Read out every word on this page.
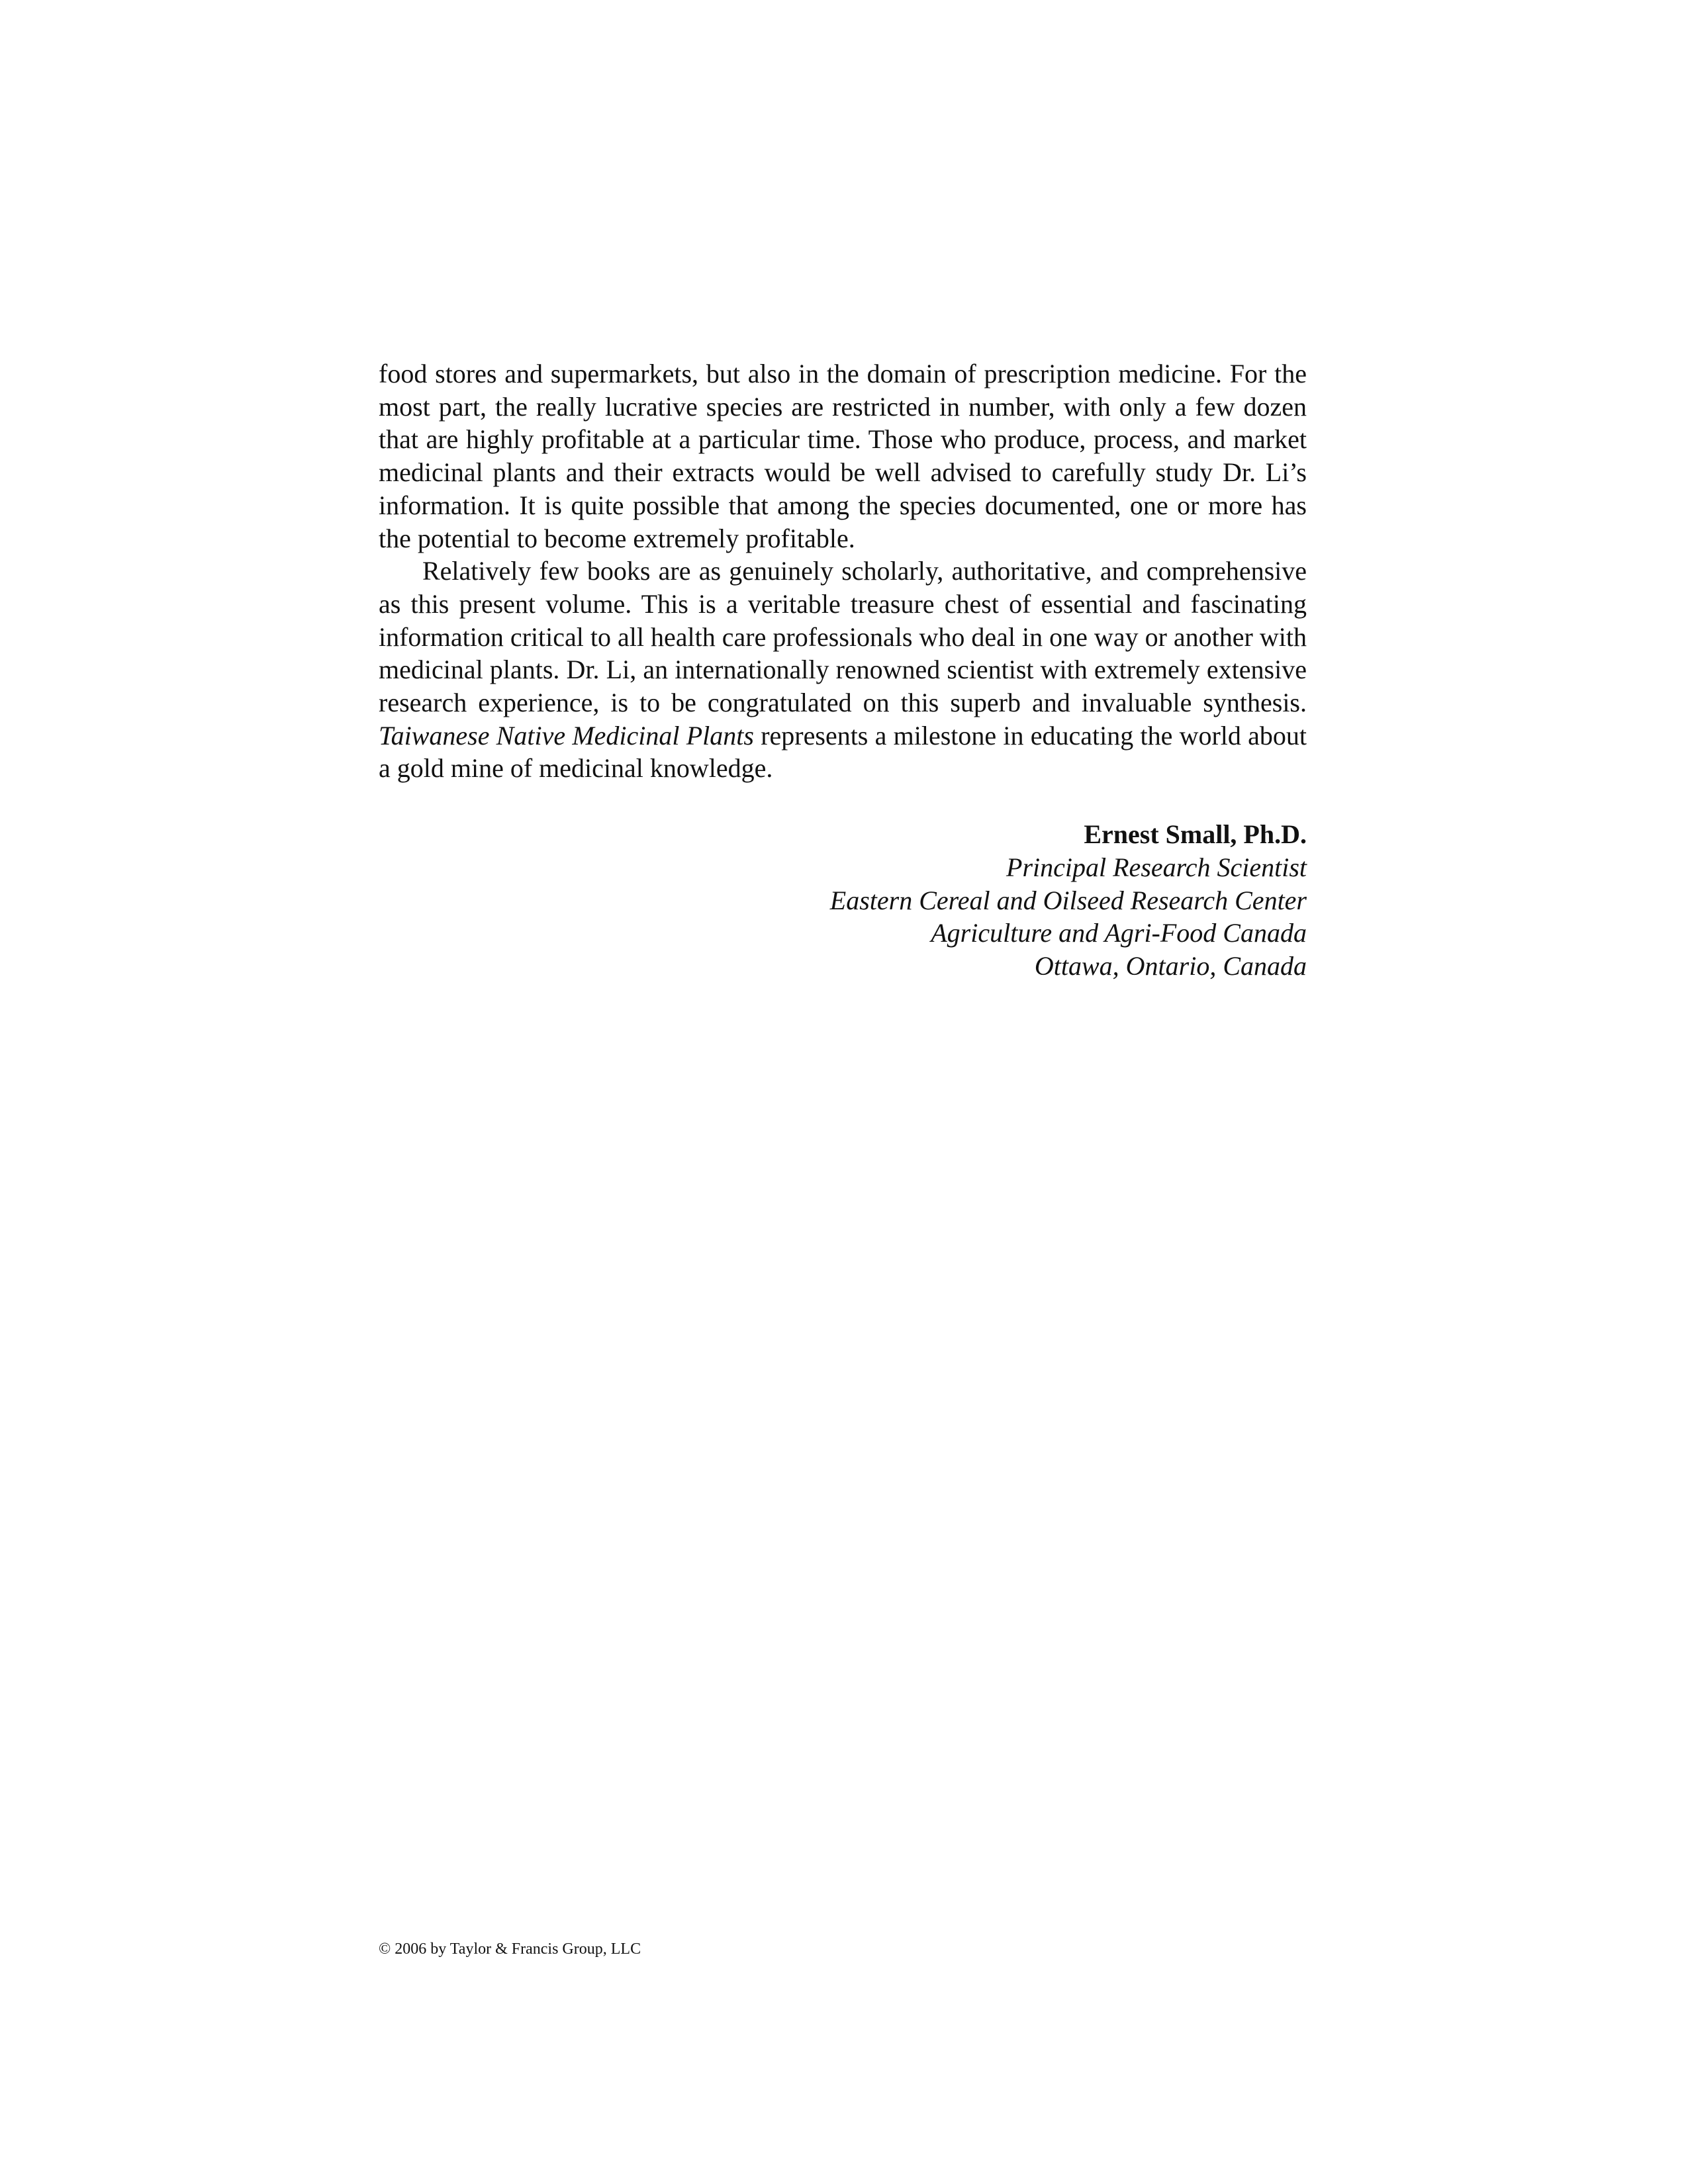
food stores and supermarkets, but also in the domain of prescription medicine. For the most part, the really lucrative species are restricted in number, with only a few dozen that are highly profitable at a particular time. Those who produce, process, and market medicinal plants and their extracts would be well advised to carefully study Dr. Li’s information. It is quite possible that among the species documented, one or more has the potential to become extremely profitable.

Relatively few books are as genuinely scholarly, authoritative, and comprehensive as this present volume. This is a veritable treasure chest of essential and fascinating information critical to all health care professionals who deal in one way or another with medicinal plants. Dr. Li, an internationally renowned scientist with extremely extensive research experience, is to be congratulated on this superb and invaluable synthesis. Taiwanese Native Medicinal Plants represents a milestone in educating the world about a gold mine of medicinal knowledge.

Ernest Small, Ph.D.
Principal Research Scientist
Eastern Cereal and Oilseed Research Center
Agriculture and Agri-Food Canada
Ottawa, Ontario, Canada
© 2006 by Taylor & Francis Group, LLC
